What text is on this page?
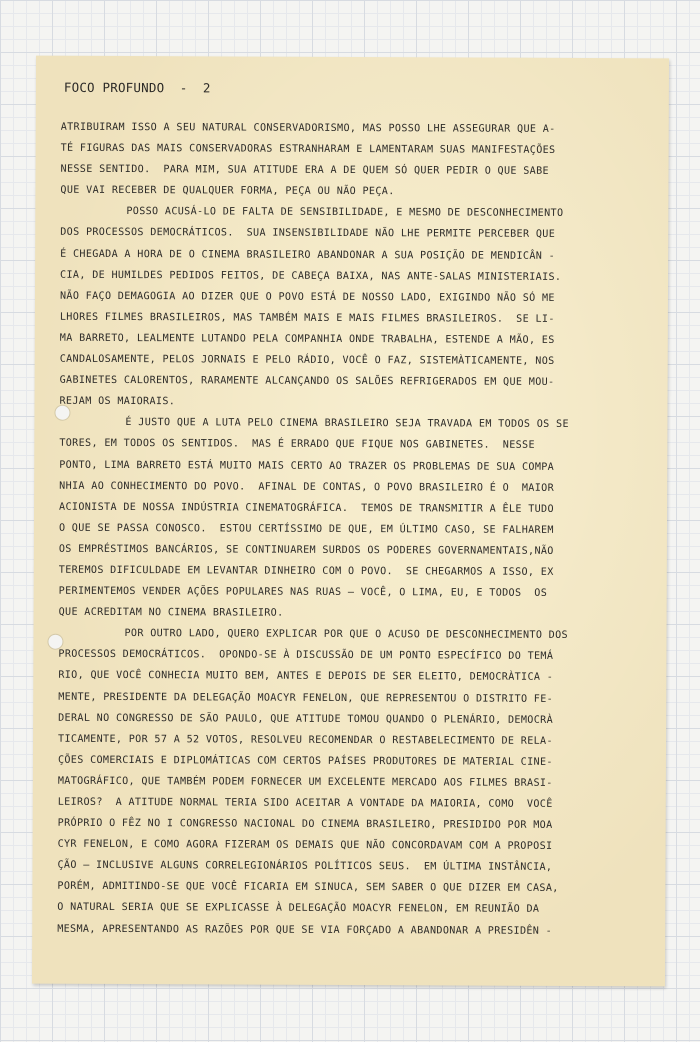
FOCO PROFUNDO  -  2
ATRIBUIRAM ISSO A SEU NATURAL CONSERVADORISMO, MAS POSSO LHE ASSEGURAR QUE A-
TÉ FIGURAS DAS MAIS CONSERVADORAS ESTRANHARAM E LAMENTARAM SUAS MANIFESTAÇÕES
NESSE SENTIDO.  PARA MIM, SUA ATITUDE ERA A DE QUEM SÓ QUER PEDIR O QUE SABE
QUE VAI RECEBER DE QUALQUER FORMA, PEÇA OU NÃO PEÇA.
POSSO ACUSÁ-LO DE FALTA DE SENSIBILIDADE, E MESMO DE DESCONHECIMENTO
DOS PROCESSOS DEMOCRÁTICOS.  SUA INSENSIBILIDADE NÃO LHE PERMITE PERCEBER QUE
É CHEGADA A HORA DE O CINEMA BRASILEIRO ABANDONAR A SUA POSIÇÃO DE MENDICÂN -
CIA, DE HUMILDES PEDIDOS FEITOS, DE CABEÇA BAIXA, NAS ANTE-SALAS MINISTERIAIS.
NÃO FAÇO DEMAGOGIA AO DIZER QUE O POVO ESTÁ DE NOSSO LADO, EXIGINDO NÃO SÓ ME
LHORES FILMES BRASILEIROS, MAS TAMBÉM MAIS E MAIS FILMES BRASILEIROS.  SE LI-
MA BARRETO, LEALMENTE LUTANDO PELA COMPANHIA ONDE TRABALHA, ESTENDE A MÃO, ES
CANDALOSAMENTE, PELOS JORNAIS E PELO RÁDIO, VOCÊ O FAZ, SISTEMÀTICAMENTE, NOS
GABINETES CALORENTOS, RARAMENTE ALCANÇANDO OS SALÕES REFRIGERADOS EM QUE MOU-
REJAM OS MAIORAIS.
É JUSTO QUE A LUTA PELO CINEMA BRASILEIRO SEJA TRAVADA EM TODOS OS SE
TORES, EM TODOS OS SENTIDOS.  MAS É ERRADO QUE FIQUE NOS GABINETES.  NESSE
PONTO, LIMA BARRETO ESTÁ MUITO MAIS CERTO AO TRAZER OS PROBLEMAS DE SUA COMPA
NHIA AO CONHECIMENTO DO POVO.  AFINAL DE CONTAS, O POVO BRASILEIRO É O  MAIOR
ACIONISTA DE NOSSA INDÚSTRIA CINEMATOGRÁFICA.  TEMOS DE TRANSMITIR A ÊLE TUDO
O QUE SE PASSA CONOSCO.  ESTOU CERTÍSSIMO DE QUE, EM ÚLTIMO CASO, SE FALHAREM
OS EMPRÉSTIMOS BANCÁRIOS, SE CONTINUAREM SURDOS OS PODERES GOVERNAMENTAIS,NÃO
TEREMOS DIFICULDADE EM LEVANTAR DINHEIRO COM O POVO.  SE CHEGARMOS A ISSO, EX
PERIMENTEMOS VENDER AÇÕES POPULARES NAS RUAS — VOCÊ, O LIMA, EU, E TODOS  OS
QUE ACREDITAM NO CINEMA BRASILEIRO.
POR OUTRO LADO, QUERO EXPLICAR POR QUE O ACUSO DE DESCONHECIMENTO DOS
PROCESSOS DEMOCRÁTICOS.  OPONDO-SE À DISCUSSÃO DE UM PONTO ESPECÍFICO DO TEMÁ
RIO, QUE VOCÊ CONHECIA MUITO BEM, ANTES E DEPOIS DE SER ELEITO, DEMOCRÀTICA -
MENTE, PRESIDENTE DA DELEGAÇÃO MOACYR FENELON, QUE REPRESENTOU O DISTRITO FE-
DERAL NO CONGRESSO DE SÃO PAULO, QUE ATITUDE TOMOU QUANDO O PLENÁRIO, DEMOCRÀ
TICAMENTE, POR 57 A 52 VOTOS, RESOLVEU RECOMENDAR O RESTABELECIMENTO DE RELA-
ÇÕES COMERCIAIS E DIPLOMÁTICAS COM CERTOS PAÍSES PRODUTORES DE MATERIAL CINE-
MATOGRÁFICO, QUE TAMBÉM PODEM FORNECER UM EXCELENTE MERCADO AOS FILMES BRASI-
LEIROS?  A ATITUDE NORMAL TERIA SIDO ACEITAR A VONTADE DA MAIORIA, COMO  VOCÊ
PRÓPRIO O FÊZ NO I CONGRESSO NACIONAL DO CINEMA BRASILEIRO, PRESIDIDO POR MOA
CYR FENELON, E COMO AGORA FIZERAM OS DEMAIS QUE NÃO CONCORDAVAM COM A PROPOSI
ÇÃO — INCLUSIVE ALGUNS CORRELEGIONÁRIOS POLÍTICOS SEUS.  EM ÚLTIMA INSTÂNCIA,
PORÉM, ADMITINDO-SE QUE VOCÊ FICARIA EM SINUCA, SEM SABER O QUE DIZER EM CASA,
O NATURAL SERIA QUE SE EXPLICASSE À DELEGAÇÃO MOACYR FENELON, EM REUNIÃO DA
MESMA, APRESENTANDO AS RAZÕES POR QUE SE VIA FORÇADO A ABANDONAR A PRESIDÊN -
